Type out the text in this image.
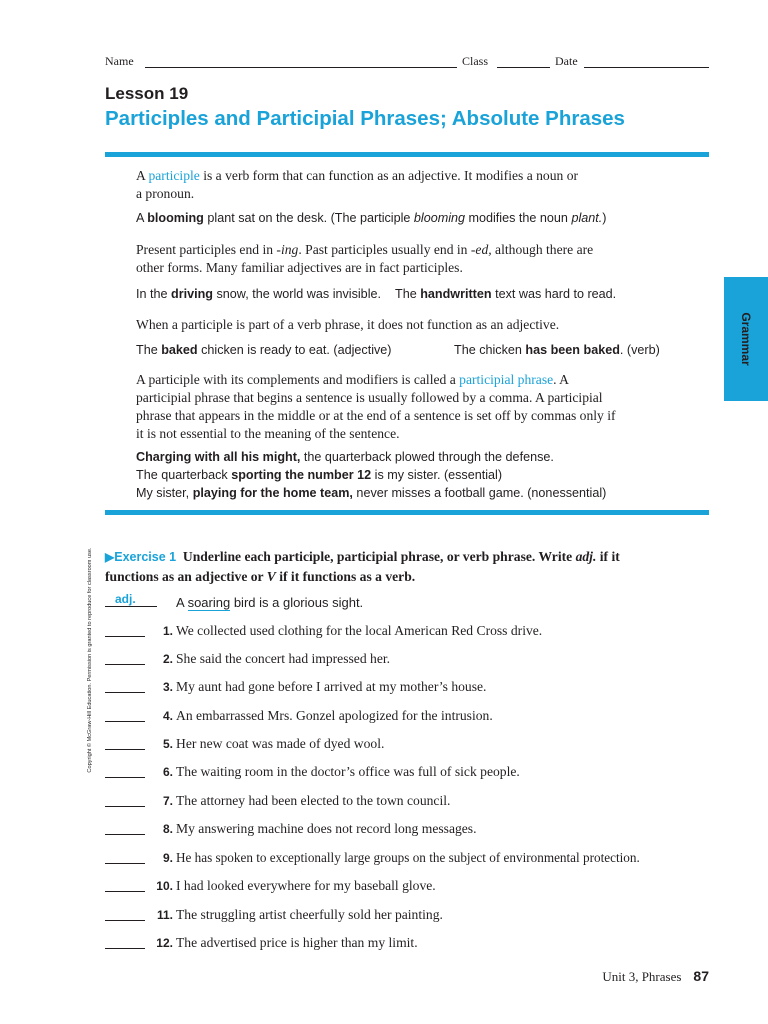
Name	Class	Date
Lesson 19
Participles and Participial Phrases; Absolute Phrases
Grammar
Copyright © McGraw-Hill Education. Permission is granted to reproduce for classroom use.
A participle is a verb form that can function as an adjective. It modifies a noun or
a pronoun.
A blooming plant sat on the desk. (The participle blooming modifies the noun plant.)
Present participles end in -ing. Past participles usually end in -ed, although there are
other forms. Many familiar adjectives are in fact participles.
In the driving snow, the world was invisible. The handwritten text was hard to read.
When a participle is part of a verb phrase, it does not function as an adjective.
The baked chicken is ready to eat. (adjective)	The chicken has been baked. (verb)
A participle with its complements and modifiers is called a participial phrase. A
participial phrase that begins a sentence is usually followed by a comma. A participial
phrase that appears in the middle or at the end of a sentence is set off by commas only if
it is not essential to the meaning of the sentence.
Charging with all his might, the quarterback plowed through the defense.
The quarterback sporting the number 12 is my sister. (essential)
My sister, playing for the home team, never misses a football game. (nonessential)
▶Exercise 1 Underline each participle, participial phrase, or verb phrase. Write adj. if it
functions as an adjective or V if it functions as a verb.
adj.	A soaring bird is a glorious sight.
1 . We collected used clothing for the local American Red Cross drive.
2 . She said the concert had impressed her.
3 . My aunt had gone before I arrived at my mother’s house.
4 . An embarrassed Mrs. Gonzel apologized for the intrusion.
5 . Her new coat was made of dyed wool.
6 . The waiting room in the doctor’s office was full of sick people.
7 . The attorney had been elected to the town council.
8 . My answering machine does not record long messages.
9 . He has spoken to exceptionally large groups on the subject of environmental protection.
10 . I had looked everywhere for my baseball glove.
11 . The struggling artist cheerfully sold her painting.
12 . The advertised price is higher than my limit.
Unit 3, Phrases 87
